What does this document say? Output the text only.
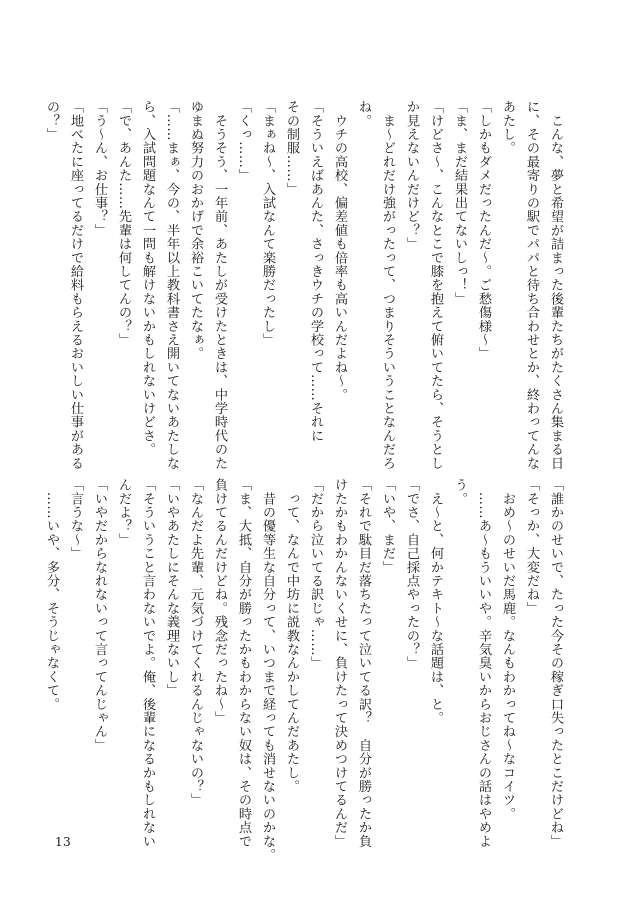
　こんな、夢と希望が詰まった後輩たちがたくさん集まる日
に、その最寄りの駅でパパと待ち合わせとか、終わってんな
あたし。
「しかもダメだったんだ～。ご愁傷様～」
「ま、まだ結果出てないしっ！」
「けどさ～、こんなとこで膝を抱えて俯いてたら、そうとし
か見えないんだけど？」
　ま～どれだけ強がったって、つまりそういうことなんだろ
ね。
　ウチの高校、偏差値も倍率も高いんだよね～。
「そういえばあんた、さっきウチの学校って……それに
その制服……」
「まぁね～、入試なんて楽勝だったし」
「くっ……」
　そうそう、一年前、あたしが受けたときは、中学時代のた
ゆまぬ努力のおかげで余裕こいてたなぁ。
「……まぁ、今の、半年以上教科書さえ開いてないあたしな
ら、入試問題なんて一問も解けないかもしれないけどさ。
「で、あんた……先輩は何してんの？」
「う～ん、お仕事？」
「地べたに座ってるだけで給料もらえるおいしい仕事がある
の？」
「誰かのせいで、たった今その稼ぎ口失ったとこだけどね」
「そっか、大変だね」
　おめ～のせいだ馬鹿。なんもわかってね～なコイツ。
　……あ～もういいや。辛気臭いからおじさんの話はやめよ
う。
　え～と、何かテキト～な話題は、と。
「でさ、自己採点やったの？」
「いや、まだ」
「それで駄目だ落ちたって泣いてる訳？　自分が勝ったか負
けたかもわかんないくせに、負けたって決めつけてるんだ」
「だから泣いてる訳じゃ……」
　って、なんで中坊に説教なんかしてんだあたし。
　昔の優等生な自分って、いつまで経っても消せないのかな。
「ま、大抵、自分が勝ったかもわからない奴は、その時点で
負けてるんだけどね。残念だったね～」
「なんだよ先輩、元気づけてくれるんじゃないの？」
「いやあたしにそんな義理ないし」
「そういうこと言わないでよ。俺、後輩になるかもしれない
んだよ？」
「いやだからなれないって言ってんじゃん」
「言うな～」
　……いや、多分、そうじゃなくて。
13
